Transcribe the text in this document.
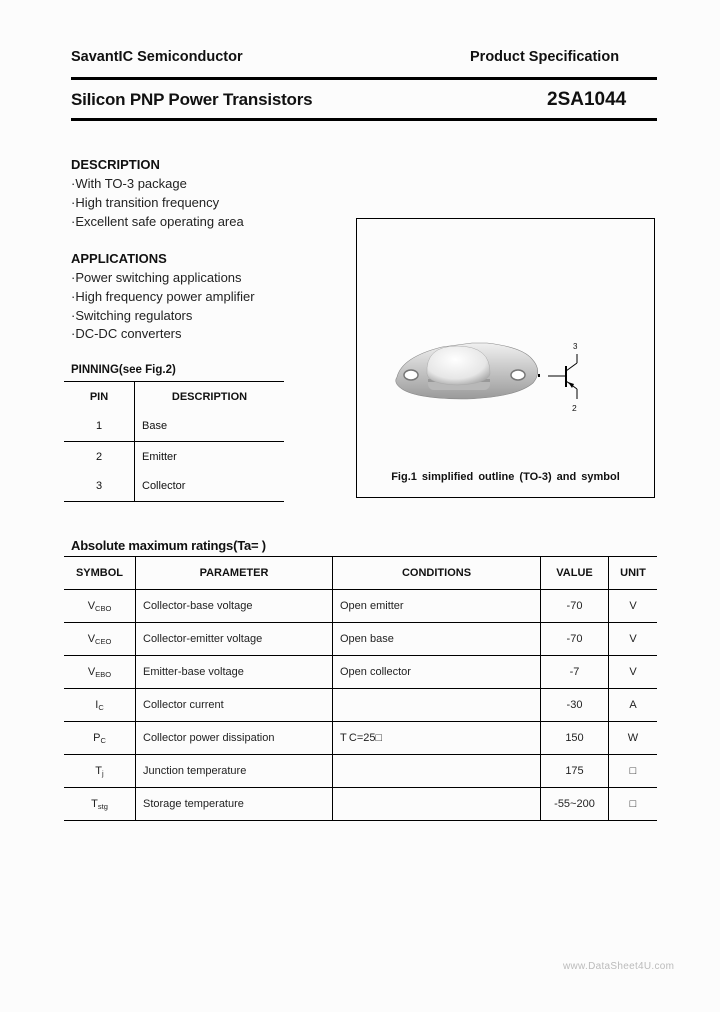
SavantIC Semiconductor	Product Specification
Silicon PNP Power Transistors	2SA1044
DESCRIPTION
·With TO-3 package
·High transition frequency
·Excellent safe operating area
APPLICATIONS
·Power switching applications
·High frequency power amplifier
·Switching regulators
·DC-DC converters
PINNING(see Fig.2)
PIN	DESCRIPTION
1	Base
2	Emitter
3	Collector
3
2
Fig.1 simplified outline (TO-3) and symbol
Absolute maximum ratings(Ta= )
SYMBOL	PARAMETER	CONDITIONS	VALUE	UNIT
$V_{CBO}$	Collector-base voltage	Open emitter	-70	V
$V_{CEO}$	Collector-emitter voltage	Open base	-70	V
$V_{EBO}$	Emitter-base voltage	Open collector	-7	V
$I_C$	Collector current		-30	A
$P_C$	Collector power dissipation	T C=25□	150	W
$T_j$	Junction temperature		175	□
$T_{stg}$	Storage temperature		-55~200	□
www.DataSheet4U.com
